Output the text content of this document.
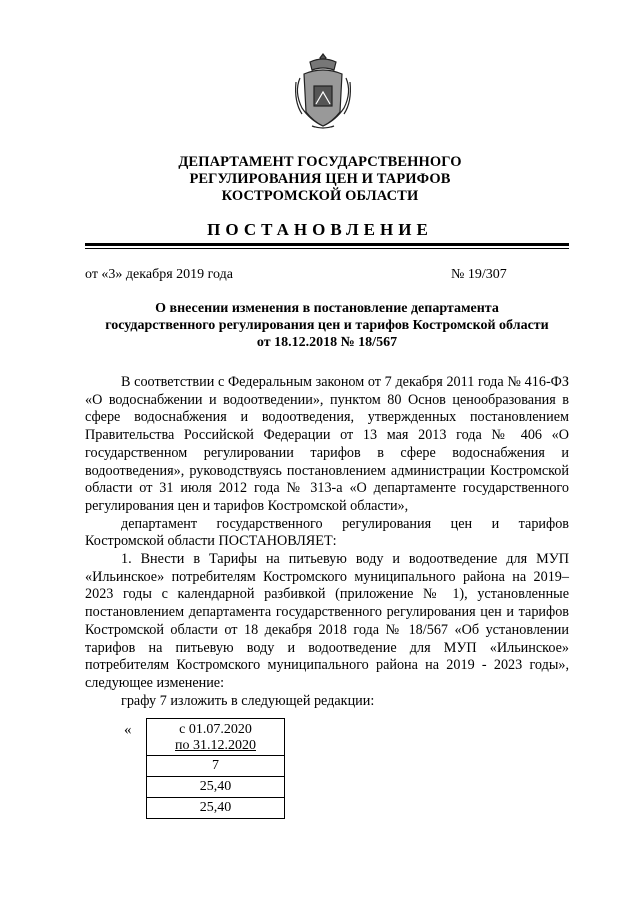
ДЕПАРТАМЕНТ ГОСУДАРСТВЕННОГО
РЕГУЛИРОВАНИЯ ЦЕН И ТАРИФОВ
КОСТРОМСКОЙ ОБЛАСТИ
ПОСТАНОВЛЕНИЕ
от «3» декабря 2019 года	№ 19/307
О внесении изменения в постановление департамента
государственного регулирования цен и тарифов Костромской области
от 18.12.2018 № 18/567

В соответствии с Федеральным законом от 7 декабря 2011 года № 416-ФЗ «О водоснабжении и водоотведении», пунктом 80 Основ ценообразования в сфере водоснабжения и водоотведения, утвержденных постановлением Правительства Российской Федерации от 13 мая 2013 года № 406 «О государственном регулировании тарифов в сфере водоснабжения и водоотведения», руководствуясь постановлением администрации Костромской области от 31 июля 2012 года № 313-а «О департаменте государственного регулирования цен и тарифов Костромской области»,

департамент государственного регулирования цен и тарифов Костромской области ПОСТАНОВЛЯЕТ:

1. Внести в Тарифы на питьевую воду и водоотведение для МУП «Ильинское» потребителям Костромского муниципального района на 2019–2023 годы с календарной разбивкой (приложение № 1), установленные постановлением департамента государственного регулирования цен и тарифов Костромской области от 18 декабря 2018 года № 18/567 «Об установлении тарифов на питьевую воду и водоотведение для МУП «Ильинское» потребителям Костромского муниципального района на 2019 - 2023 годы», следующее изменение:

графу 7 изложить в следующей редакции:

«	с 01.07.2020
по 31.12.2020

7
25,40
25,40
